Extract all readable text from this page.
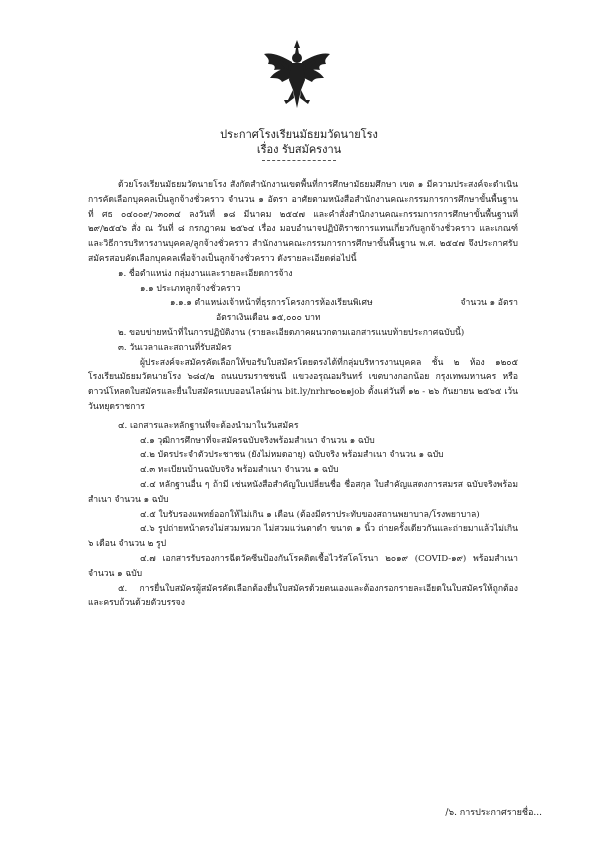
ประกาศโรงเรียนมัธยมวัดนายโรง
เรื่อง รับสมัครงาน

ด้วยโรงเรียนมัธยมวัดนายโรง สังกัดสำนักงานเขตพื้นที่การศึกษามัธยมศึกษา เขต ๑ มีความประสงค์จะดำเนินการคัดเลือกบุคคลเป็นลูกจ้างชั่วคราว จำนวน ๑ อัตรา อาศัยตามหนังสือสำนักงานคณะกรรมการการศึกษาขั้นพื้นฐานที่ ศธ ๐๔๐๐๙/ว๓๐๓๔ ลงวันที่ ๑๘ มีนาคม ๒๕๔๗ และคำสั่งสำนักงานคณะกรรมการการศึกษาขั้นพื้นฐานที่ ๒๙/๒๕๔๖ สั่ง ณ วันที่ ๘ กรกฎาคม ๒๕๖๔ เรื่อง มอบอำนาจปฏิบัติราชการแทนเกี่ยวกับลูกจ้างชั่วคราว และเกณฑ์และวิธีการบริหารงานบุคคล/ลูกจ้างชั่วคราว สำนักงานคณะกรรมการการศึกษาขั้นพื้นฐาน พ.ศ. ๒๕๔๗ จึงประกาศรับสมัครสอบคัดเลือกบุคคลเพื่อจ้างเป็นลูกจ้างชั่วคราว ดังรายละเอียดต่อไปนี้

๑. ชื่อตำแหน่ง กลุ่มงานและรายละเอียดการจ้าง

๑.๑ ประเภทลูกจ้างชั่วคราว

๑.๑.๑ ตำแหน่งเจ้าหน้าที่ธุรการโครงการห้องเรียนพิเศษ	จำนวน ๑ อัตรา

อัตราเงินเดือน ๑๕,๐๐๐ บาท

๒. ขอบข่ายหน้าที่ในการปฏิบัติงาน (รายละเอียดภาคผนวกตามเอกสารแนบท้ายประกาศฉบับนี้)

๓. วันเวลาและสถานที่รับสมัคร

ผู้ประสงค์จะสมัครคัดเลือกให้ขอรับใบสมัครโดยตรงได้ที่กลุ่มบริหารงานบุคคล ชั้น ๒ ห้อง ๑๒๐๕ โรงเรียนมัธยมวัดนายโรง ๖๘๔/๒ ถนนบรมราชชนนี แขวงอรุณอมรินทร์ เขตบางกอกน้อย กรุงเทพมหานคร หรือ ดาวน์โหลดใบสมัครและยื่นใบสมัครแบบออนไลน์ผ่าน bit.ly/nrhr๒๐๒๑job ตั้งแต่วันที่ ๑๒ - ๒๖ กันยายน ๒๕๖๕ เว้นวันหยุดราชการ

๔. เอกสารและหลักฐานที่จะต้องนำมาในวันสมัคร

๔.๑ วุฒิการศึกษาที่จะสมัครฉบับจริงพร้อมสำเนา จำนวน ๑ ฉบับ

๔.๒ บัตรประจำตัวประชาชน (ยังไม่หมดอายุ) ฉบับจริง พร้อมสำเนา จำนวน ๑ ฉบับ

๔.๓ ทะเบียนบ้านฉบับจริง พร้อมสำเนา จำนวน ๑ ฉบับ

๔.๔ หลักฐานอื่น ๆ ถ้ามี เช่นหนังสือสำคัญใบเปลี่ยนชื่อ ชื่อสกุล ใบสำคัญแสดงการสมรส ฉบับจริงพร้อมสำเนา จำนวน ๑ ฉบับ

๔.๕ ใบรับรองแพทย์ออกให้ไม่เกิน ๑ เดือน (ต้องมีตราประทับของสถานพยาบาล/โรงพยาบาล)

๔.๖ รูปถ่ายหน้าตรงไม่สวมหมวก ไม่สวมแว่นตาดำ ขนาด ๑ นิ้ว ถ่ายครั้งเดียวกันและถ่ายมาแล้วไม่เกิน ๖ เดือน จำนวน ๒ รูป

๔.๗ เอกสารรับรองการฉีดวัคซีนป้องกันโรคติดเชื้อไวรัสโคโรนา ๒๐๑๙ (COVID-๑๙) พร้อมสำเนา จำนวน ๑ ฉบับ

๕. การยื่นใบสมัครผู้สมัครคัดเลือกต้องยื่นใบสมัครด้วยตนเองและต้องกรอกรายละเอียดในใบสมัครให้ถูกต้องและครบถ้วนด้วยตัวบรรจง

/๖. การประกาศรายชื่อ...
